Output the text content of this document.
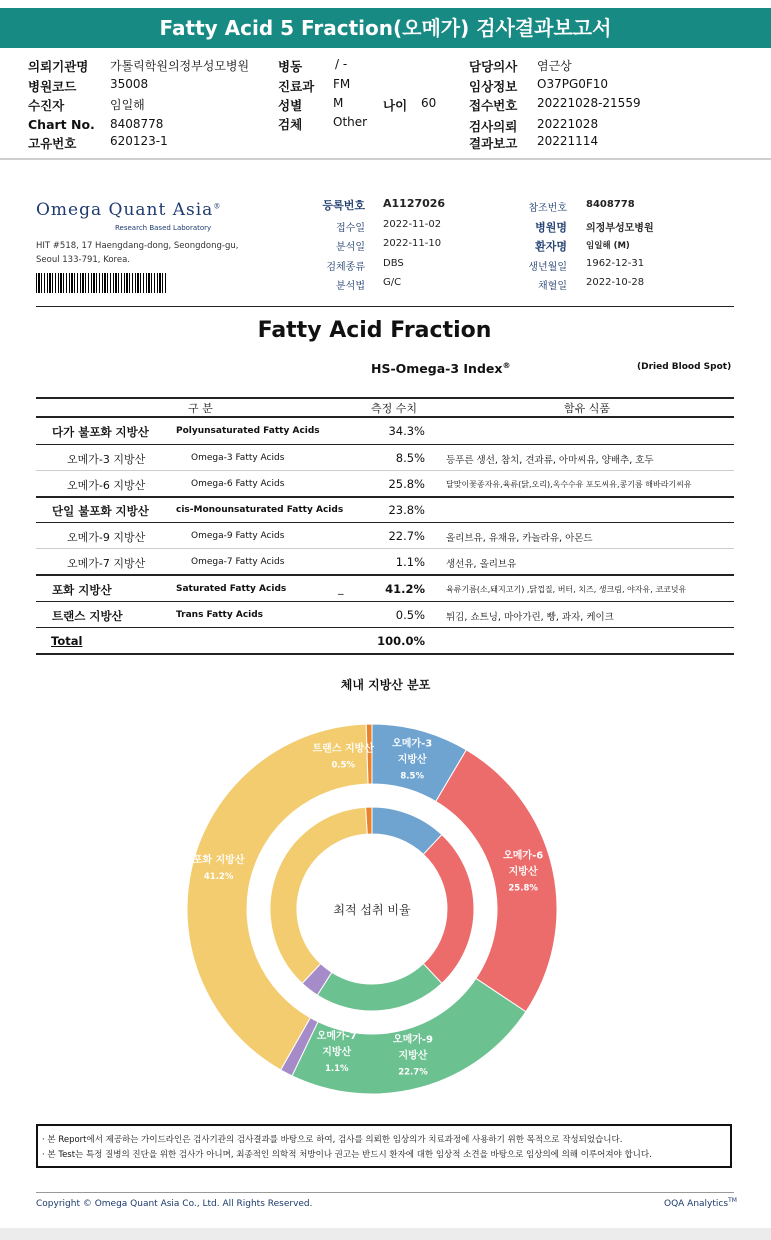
Fatty Acid 5 Fraction(오메가) 검사결과보고서
의뢰기관명 가톨릭학원의정부성모병원
병원코드	35008
수진자	임일해
Chart No. 8408778
고유번호	620123-1
병동	/ -
진료과 FM
성별	M	나이 60
검체	Other
담당의사 염근상
임상정보 O37PG0F10
접수번호 20221028-21559
검사의뢰 20221028
결과보고 20221114
Omega Quant Asia®
Research Based Laboratory
HIT #518, 17 Haengdang-dong, Seongdong-gu,
Seoul 133-791, Korea.
등록번호 A1127026
접수일 2022-11-02
분석일 2022-11-10
검체종류 DBS
분석법 G/C
참조번호 8408778
병원명 의정부성모병원
환자명 임일해 (M)
생년월일 1962-12-31
채혈일 2022-10-28
Fatty Acid Fraction
HS-Omega-3 Index®	(Dried Blood Spot)
구 분	측정 수치	함유 식품
다가 불포화 지방산	Polyunsaturated Fatty Acids	34.3%
오메가-3 지방산	Omega-3 Fatty Acids	8.5% 등푸른 생선, 참치, 견과류, 아마씨유, 양배추, 호두
오메가-6 지방산	Omega-6 Fatty Acids	25.8%	달맞이꽃종자유,육류(닭,오리),옥수수유 포도씨유,콩기름 해바라기씨유
단일 불포화 지방산	cis-Monounsaturated Fatty Acids	23.8%
오메가-9 지방산	Omega-9 Fatty Acids	22.7% 올리브유, 유채유, 카놀라유, 아몬드
오메가-7 지방산	Omega-7 Fatty Acids	1.1% 생선유, 올리브유
포화 지방산	Saturated Fatty Acids	_	41.2%	육류기름(소,돼지고기) ,닭껍질, 버터, 치즈, 생크림, 야자유, 코코넛유
트랜스 지방산	Trans Fatty Acids	0.5% 튀김, 쇼트닝, 마아가린, 빵, 과자, 케이크
Total	100.0%
체내 지방산 분포
최적 섭취 비율
오메가-3 지방산 8.5%
오메가-6 지방산 25.8%
오메가-9 지방산 22.7%
오메가-7 지방산 1.1%
포화 지방산 41.2%
트랜스 지방산 0.5%
· 본 Report에서 제공하는 가이드라인은 검사기관의 검사결과를 바탕으로 하여, 검사를 의뢰한 임상의가 치료과정에 사용하기 위한 목적으로 작성되었습니다.
· 본 Test는 특정 질병의 진단을 위한 검사가 아니며, 최종적인 의학적 처방이나 권고는 반드시 환자에 대한 임상적 소견을 바탕으로 임상의에 의해 이루어져야 합니다.
Copyright © Omega Quant Asia Co., Ltd. All Rights Reserved.	OQA Analytics™
